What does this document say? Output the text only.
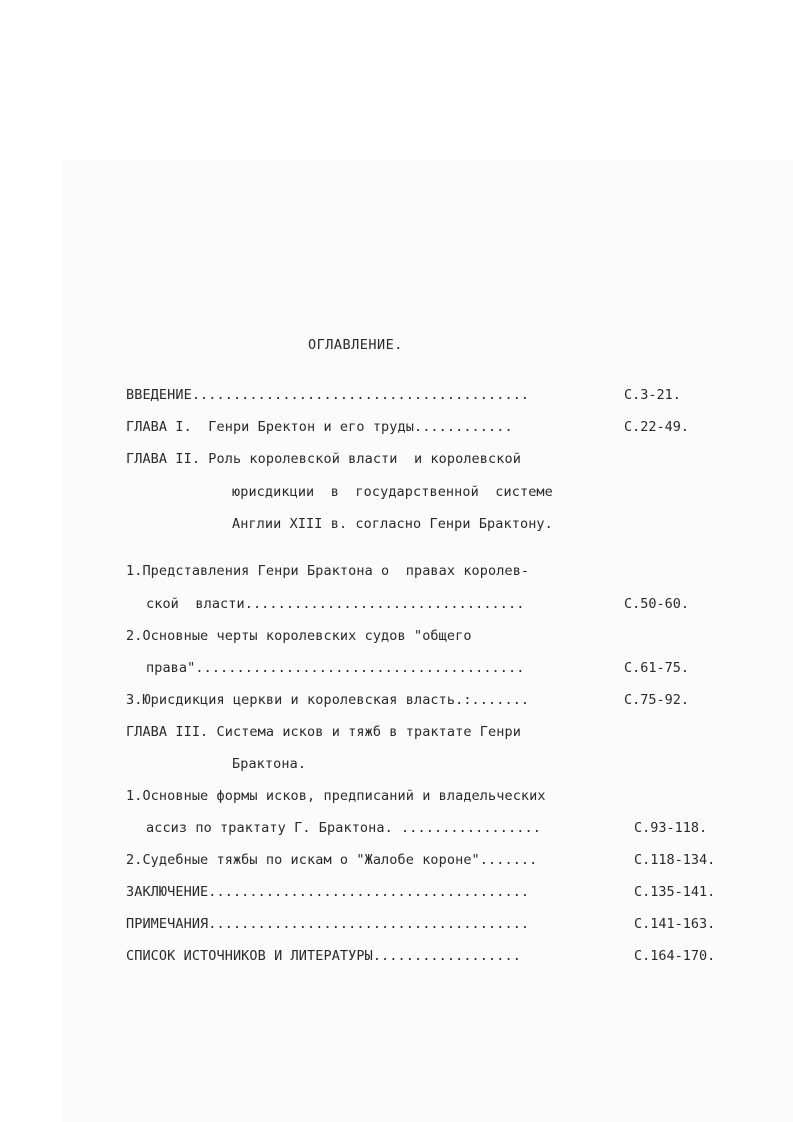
ОГЛАВЛЕНИЕ.
ВВЕДЕНИЕ.........................................	С.3-21.
ГЛАВА I.  Генри Бректон и его труды............	С.22-49.
ГЛАВА II. Роль королевской власти  и королевской
юрисдикции  в  государственной  системе
Англии XIII в. согласно Генри Брактону.
1.Представления Генри Брактона о  правах королев-
ской  власти..................................	С.50-60.
2.Основные черты королевских судов "общего
права"........................................	С.61-75.
3.Юрисдикция церкви и королевская власть.:.......	С.75-92.
ГЛАВА III. Система исков и тяжб в трактате Генри
Брактона.
1.Основные формы исков, предписаний и владельческих
ассиз по трактату Г. Брактона. .................	С.93-118.
2.Судебные тяжбы по искам о "Жалобе короне".......	С.118-134.
ЗАКЛЮЧЕНИЕ.......................................	С.135-141.
ПРИМЕЧАНИЯ.......................................	С.141-163.
СПИСОК ИСТОЧНИКОВ И ЛИТЕРАТУРЫ..................	С.164-170.
